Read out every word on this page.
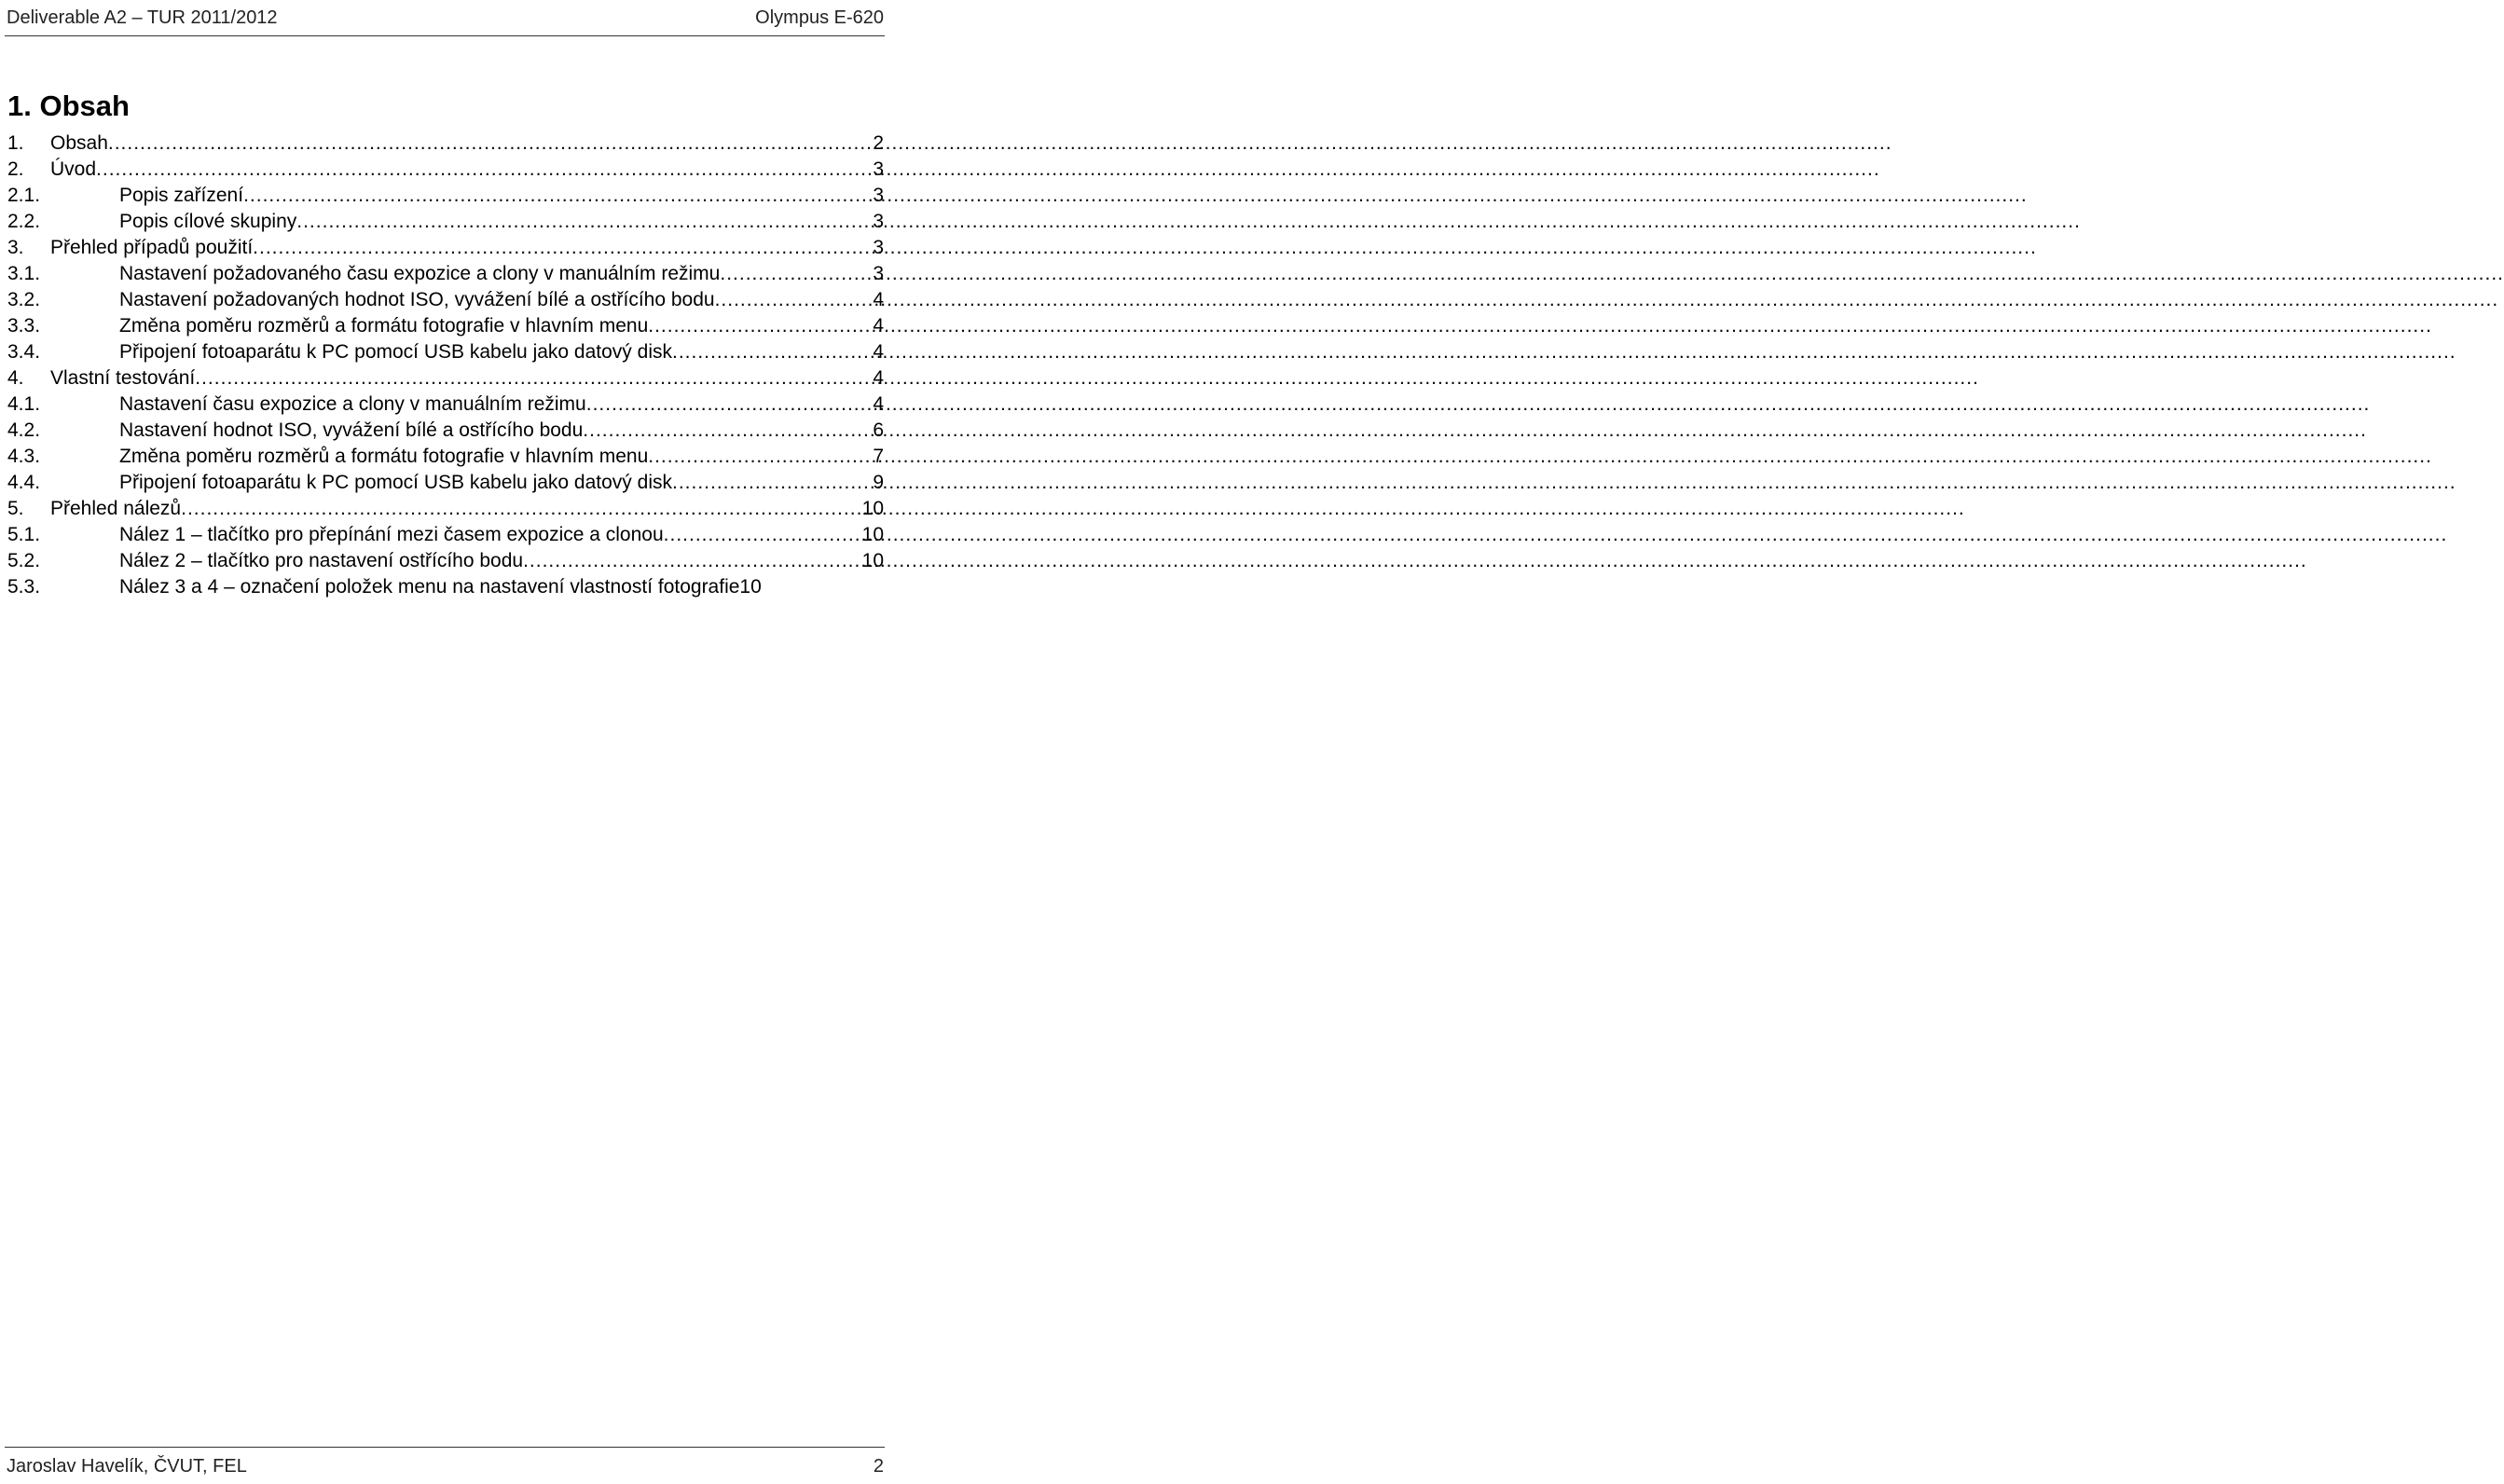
Deliverable A2 – TUR 2011/2012	Olympus E-620
1. Obsah
1.	Obsah .....	2
2.	Úvod .....	3
2.1.	Popis zařízení .....	3
2.2.	Popis cílové skupiny .....	3
3.	Přehled případů použití .....	3
3.1.	Nastavení požadovaného času expozice a clony v manuálním režimu .....	3
3.2.	Nastavení požadovaných hodnot ISO, vyvážení bílé a ostřícího bodu .....	4
3.3.	Změna poměru rozměrů a formátu fotografie v hlavním menu .....	4
3.4.	Připojení fotoaparátu k PC pomocí USB kabelu jako datový disk .....	4
4.	Vlastní testování .....	4
4.1.	Nastavení času expozice a clony v manuálním režimu .....	4
4.2.	Nastavení hodnot ISO, vyvážení bílé a ostřícího bodu .....	6
4.3.	Změna poměru rozměrů a formátu fotografie v hlavním menu .....	7
4.4.	Připojení fotoaparátu k PC pomocí USB kabelu jako datový disk .....	9
5.	Přehled nálezů .....	10
5.1.	Nález 1 – tlačítko pro přepínání mezi časem expozice a clonou .....	10
5.2.	Nález 2 – tlačítko pro nastavení ostřícího bodu .....	10
5.3.	Nález 3 a 4 – označení položek menu na nastavení vlastností fotografie 10
Jaroslav Havelík, ČVUT, FEL	2
